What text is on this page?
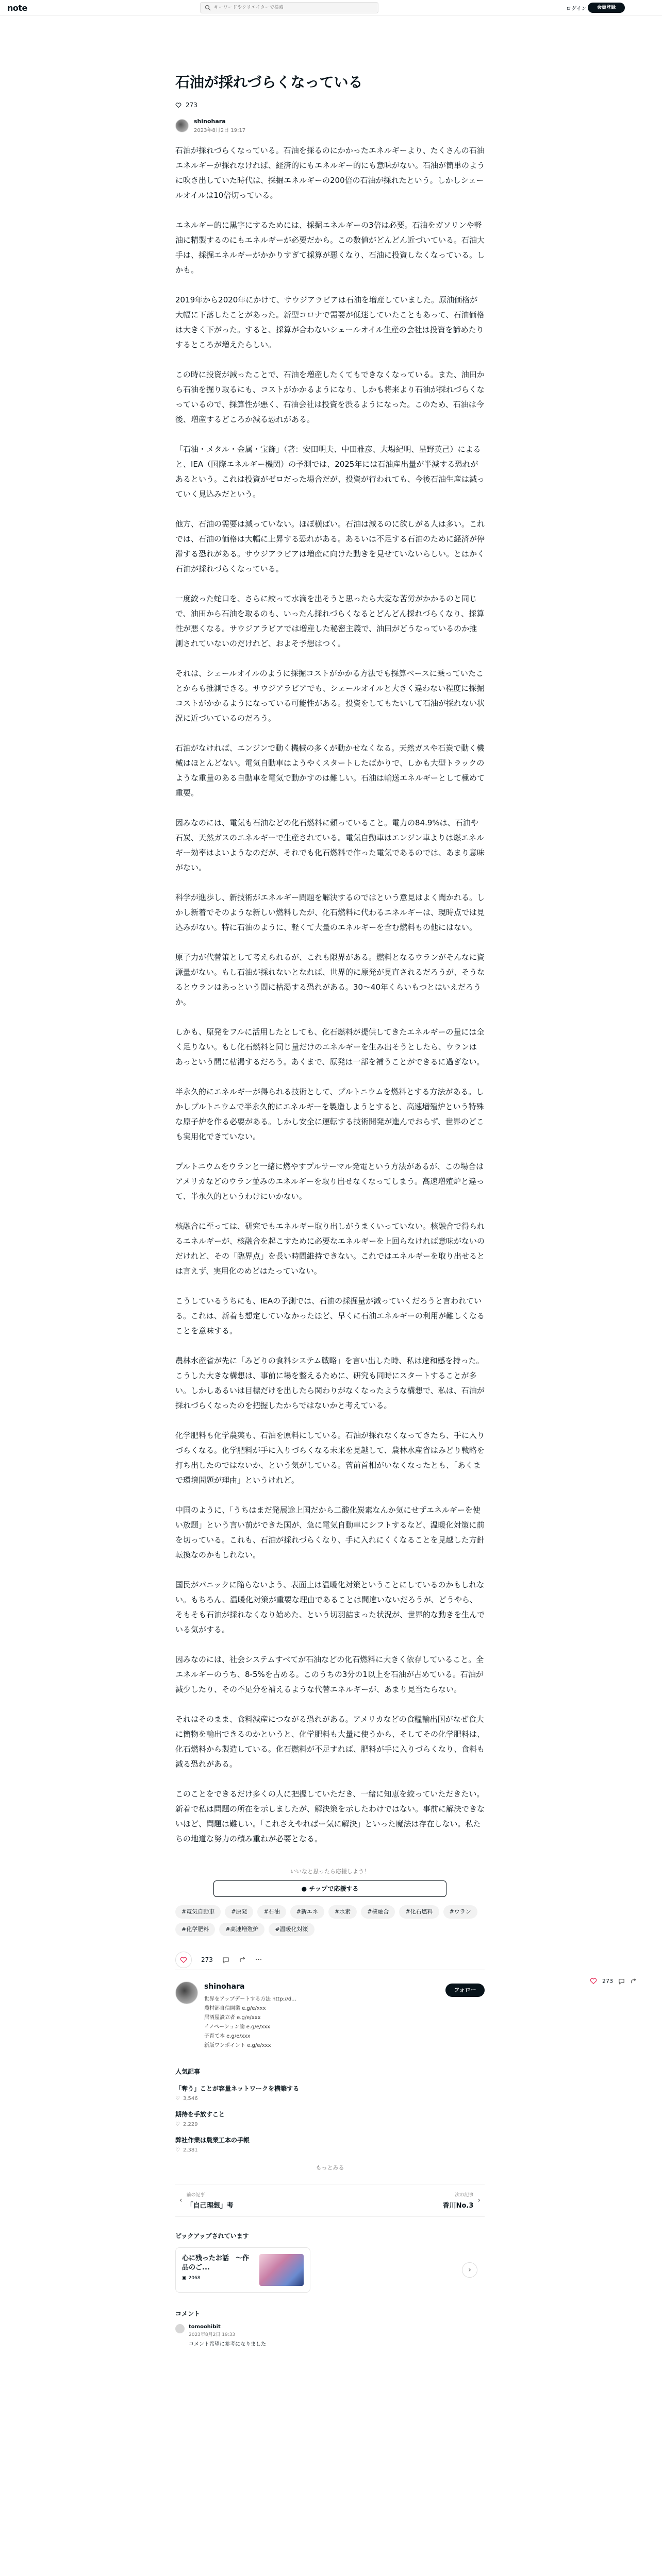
note
キーワードやクリエイターで検索	ログイン	会員登録
石油が採れづらくなっている
273
shinohara
2023年8月2日 19:17

石油が採れづらくなっている。石油を採るのにかかったエネルギーより、たくさんの石油エネルギーが採れなければ、経済的にもエネルギー的にも意味がない。石油が簡単のように吹き出していた時代は、採掘エネルギーの200倍の石油が採れたという。しかしシェールオイルは10倍切っている。

エネルギー的に黒字にするためには、採掘エネルギーの3倍は必要。石油をガソリンや軽油に精製するのにもエネルギーが必要だから。この数値がどんどん近づいている。石油大手は、採掘エネルギーがかかりすぎて採算が悪くなり、石油に投資しなくなっている。しかも。

2019年から2020年にかけて、サウジアラビアは石油を増産していました。原油価格が大幅に下落したことがあった。新型コロナで需要が低迷していたこともあって、石油価格は大きく下がった。すると、採算が合わないシェールオイル生産の会社は投資を諦めたりするところが増えたらしい。

この時に投資が減ったことで、石油を増産したくてもできなくなっている。また、油田から石油を掘り取るにも、コストがかかるようになり、しかも将来より石油が採れづらくなっているので、採算性が悪く、石油会社は投資を渋るようになった。このため、石油は今後、増産するどころか減る恐れがある。

「石油・メタル・金属・宝飾」（著：安田明夫、中田雅彦、大場紀明、星野英己）によると、IEA（国際エネルギー機関）の予測では、2025年には石油産出量が半減する恐れがあるという。これは投資がゼロだった場合だが、投資が行われても、今後石油生産は減っていく見込みだという。

他方、石油の需要は減っていない。ほぼ横ばい。石油は減るのに欲しがる人は多い。これでは、石油の価格は大幅に上昇する恐れがある。あるいは不足する石油のために経済が停滞する恐れがある。サウジアラビアは増産に向けた動きを見せていないらしい。とはかく石油が採れづらくなっている。

一度絞った蛇口を、さらに絞って水滴を出そうと思ったら大変な苦労がかかるのと同じで、油田から石油を取るのも、いったん採れづらくなるとどんどん採れづらくなり、採算性が悪くなる。サウジアラビアでは増産した秘密主義で、油田がどうなっているのか推測されていないのだけれど、およそ予想はつく。

それは、シェールオイルのように採掘コストがかかる方法でも採算ベースに乗っていたことからも推測できる。サウジアラビアでも、シェールオイルと大きく違わない程度に採掘コストがかかるようになっている可能性がある。投資をしてもたいして石油が採れない状況に近づいているのだろう。

石油がなければ、エンジンで動く機械の多くが動かせなくなる。天然ガスや石炭で動く機械はほとんどない。電気自動車はようやくスタートしたばかりで、しかも大型トラックのような重量のある自動車を電気で動かすのは難しい。石油は輸送エネルギーとして極めて重要。

因みなのには、電気も石油などの化石燃料に頼っていること。電力の84.9%は、石油や石炭、天然ガスのエネルギーで生産されている。電気自動車はエンジン車よりは燃エネルギー効率はよいようなのだが、それでも化石燃料で作った電気であるのでは、あまり意味がない。

科学が進歩し、新技術がエネルギー問題を解決するのではという意見はよく聞かれる。しかし新着でそのような新しい燃料したが、化石燃料に代わるエネルギーは、現時点では見込みがない。特に石油のように、軽くて大量のエネルギーを含む燃料もの他にはない。

原子力が代替策として考えられるが、これも限界がある。燃料となるウランがそんなに資源量がない。もし石油が採れないとなれば、世界的に原発が見直されるだろうが、そうなるとウランはあっという間に枯渇する恐れがある。30〜40年くらいもつとはいえだろうか。

しかも、原発をフルに活用したとしても、化石燃料が提供してきたエネルギーの量には全く足りない。もし化石燃料と同じ量だけのエネルギーを生み出そうとしたら、ウランはあっという間に枯渇するだろう。あくまで、原発は一部を補うことができるに過ぎない。

半永久的にエネルギーが得られる技術として、プルトニウムを燃料とする方法がある。しかしプルトニウムで半永久的にエネルギーを製造しようとすると、高速増殖炉という特殊な原子炉を作る必要がある。しかし安全に運転する技術開発が進んでおらず、世界のどこも実用化できていない。

プルトニウムをウランと一緒に燃やすプルサーマル発電という方法があるが、この場合はアメリカなどのウラン並みのエネルギーを取り出せなくなってしまう。高速増殖炉と違って、半永久的というわけにいかない。

核融合に至っては、研究でもエネルギー取り出しがうまくいっていない。核融合で得られるエネルギーが、核融合を起こすために必要なエネルギーを上回らなければ意味がないのだけれど、その「臨界点」を長い時間維持できない。これではエネルギーを取り出せるとは言えず、実用化のめどはたっていない。

こうしているうちにも、IEAの予測では、石油の採掘量が減っていくだろうと言われている。これは、新着も想定していなかったほど、早くに石油エネルギーの利用が難しくなることを意味する。

農林水産省が先に「みどりの食料システム戦略」を言い出した時、私は違和感を持った。こうした大きな構想は、事前に場を整えるために、研究も同時にスタートすることが多い。しかしあるいは目標だけを出したら関わりがなくなったような構想で、私は、石油が採れづらくなったのを把握したからではないかと考えている。

化学肥料も化学農薬も、石油を原料にしている。石油が採れなくなってきたら、手に入りづらくなる。化学肥料が手に入りづらくなる未来を見越して、農林水産省はみどり戦略を打ち出したのではないか、という気がしている。菅前首相がいなくなったとも、「あくまで環境問題が理由」というけれど。

中国のように、「うちはまだ発展途上国だから二酸化炭素なんか気にせずエネルギーを使い放題」という言い前ができた国が、急に電気自動車にシフトするなど、温暖化対策に前を切っている。これも、石油が採れづらくなり、手に入れにくくなることを見越した方針転換なのかもしれない。

国民がパニックに陥らないよう、表面上は温暖化対策ということにしているのかもしれない。もちろん、温暖化対策が重要な理由であることは間違いないだろうが、どうやら、そもそも石油が採れなくなり始めた、という切羽詰まった状況が、世界的な動きを生んでいる気がする。

因みなのには、社会システムすべてが石油などの化石燃料に大きく依存していること。全エネルギーのうち、8-5%を占める。このうちの3分の1以上を石油が占めている。石油が減少したり、その不足分を補えるような代替エネルギーが、あまり見当たらない。

それはそのまま、食料減産につながる恐れがある。アメリカなどの食糧輸出国がなぜ食大に簡物を輸出できるのかというと、化学肥料も大量に使うから、そしてその化学肥料は、化石燃料から製造している。化石燃料が不足すれば、肥料が手に入りづらくなり、食料も減る恐れがある。

このことをできるだけ多くの人に把握していただき、一緒に知恵を絞っていただきたい。新着で私は問題の所在を示しましたが、解決策を示したわけではない。事前に解決できないほど、問題は難しい。「これさえやればー気に解決」といった魔法は存在しない。私たちの地道な努力の積み重ねが必要となる。

いいなと思ったら応援しよう！
● チップで応援する
#電気自動車	#原発	#石油	#新エネ	#水素	#核融合	#化石燃料	#ウラン
#化学肥料	#高速増殖炉	#温暖化対策
273	···
shinohara
世界をアップデートする方法 http://d...
農村部自信開業 e.g/e/xxx
居酒屋設立者 e.g/e/xxx
イノベーション論 e.g/e/xxx
子育て本 e.g/e/xxx
新版ワンポイント e.g/e/xxx
フォロー
人気記事
「奪う」ことが容量ネットワークを構築する
♡ 3,546
期待を手放すこと
♡ 2,229
弊社作業は農業工本の手帳
♡ 2,381
もっとみる
‹
前の記事
「自己理想」考
次の記事
香川No.3
›
ピックアップされています
心に残ったお話　〜作品のご...
▣ 2068
›
コメント
tomoohibit
2023年8月2日 19:33
コメント希望に参考になりました
273
